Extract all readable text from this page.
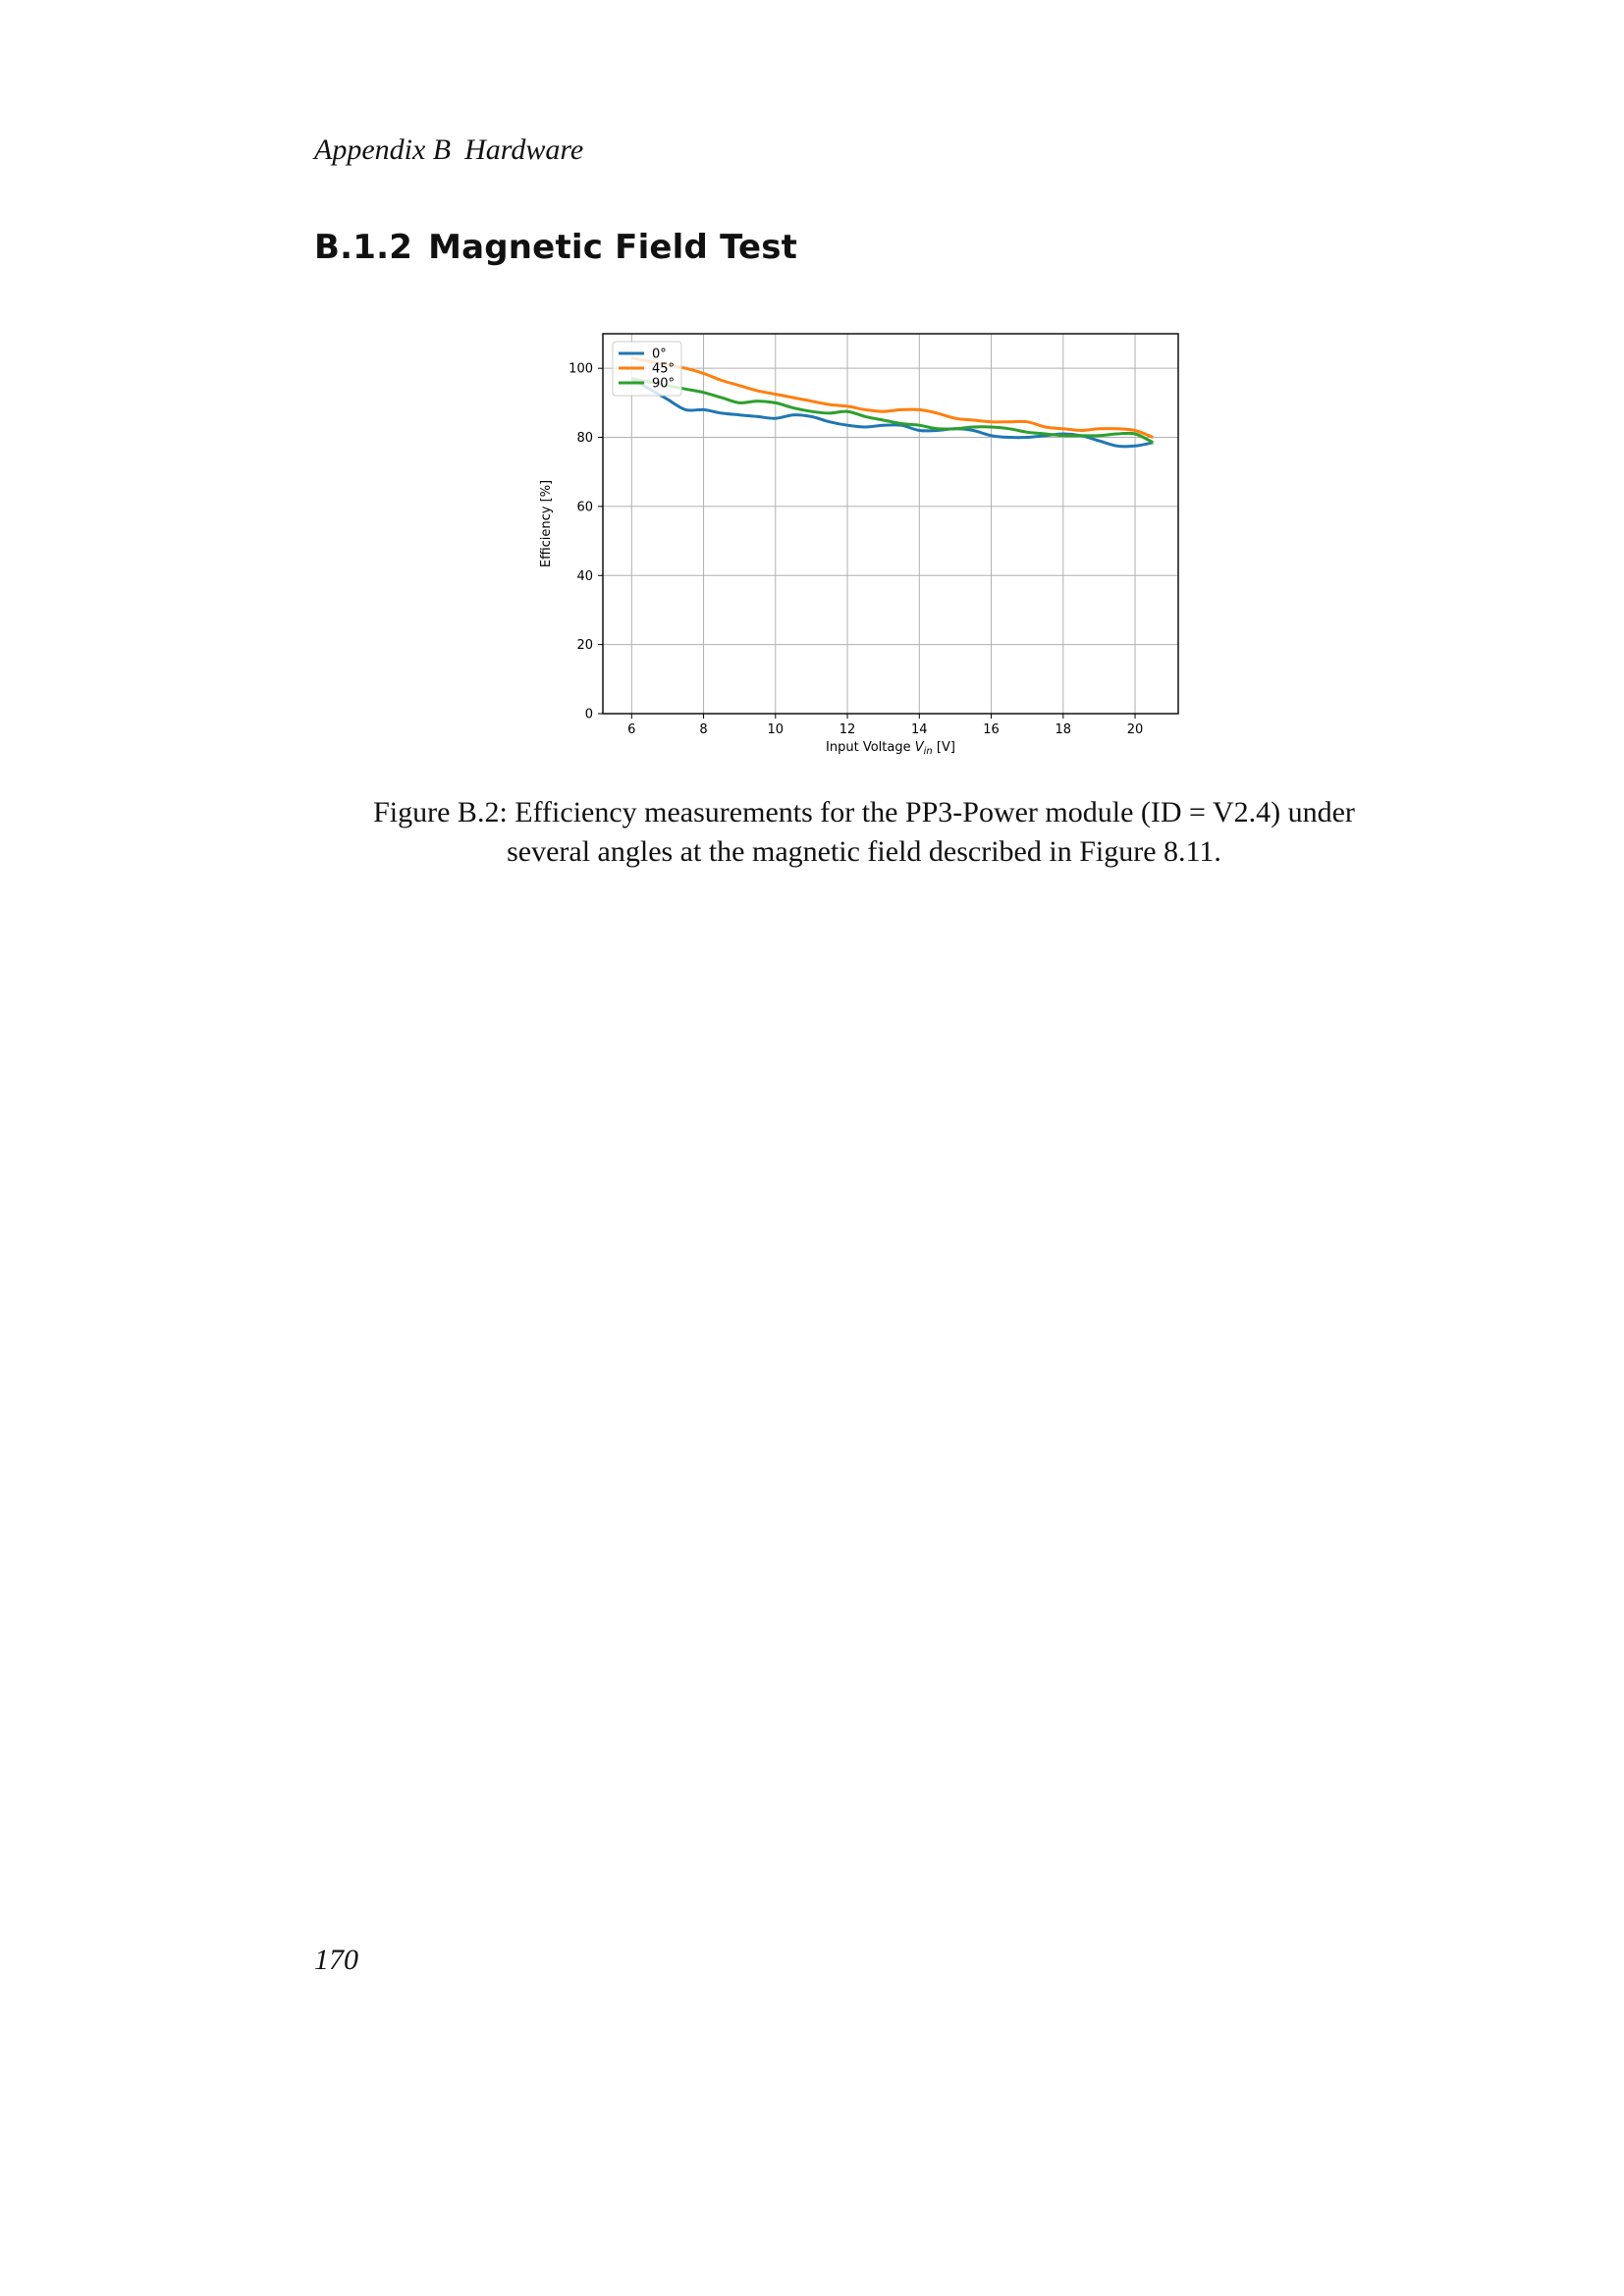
Appendix B Hardware
B.1.2 Magnetic Field Test
6	8	10	12	14	16	18	20
0
20
40
60
80
100
Input Voltage $V_{in}$ [V]
Efficiency [%]
0°
45°
90°
Figure B.2: Efficiency measurements for the PP3-Power module (ID = V2.4) under
several angles at the magnetic field described in Figure 8.11.
170
